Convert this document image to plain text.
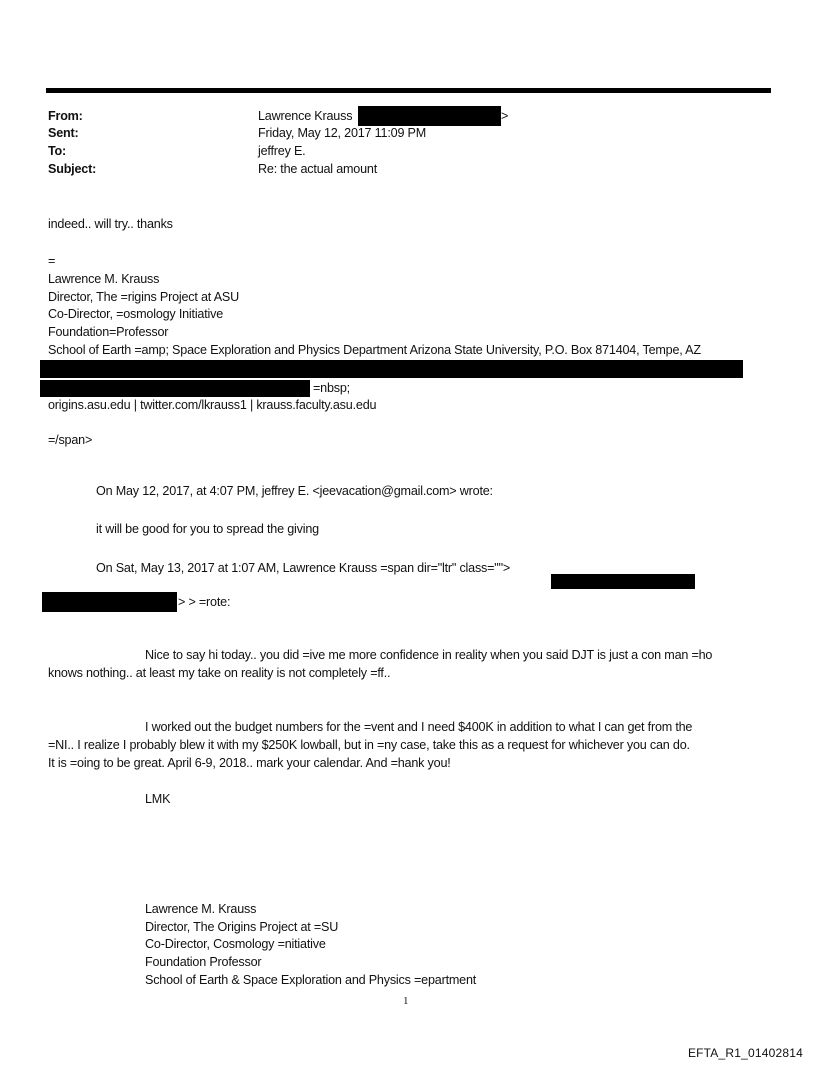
From:	Lawrence Krauss	>
Sent:	Friday, May 12, 2017 11:09 PM
To:	jeffrey E.
Subject:	Re: the actual amount
indeed.. will try.. thanks
=
Lawrence M. Krauss
Director, The =rigins Project at ASU
Co-Director, =osmology Initiative
Foundation=Professor
School of Earth =amp; Space Exploration and Physics Department Arizona State University, P.O. Box 871404, Tempe, AZ
=nbsp;
origins.asu.edu | twitter.com/lkrauss1 | krauss.faculty.asu.edu
=/span>
On May 12, 2017, at 4:07 PM, jeffrey E. <jeevacation@gmail.com> wrote:
it will be good for you to spread the giving
On Sat, May 13, 2017 at 1:07 AM, Lawrence Krauss =span dir="ltr" class="">
> > =rote:
Nice to say hi today.. you did =ive me more confidence in reality when you said DJT is just a con man =ho
knows nothing.. at least my take on reality is not completely =ff..
I worked out the budget numbers for the =vent and I need $400K in addition to what I can get from the
=NI.. I realize I probably blew it with my $250K lowball, but in =ny case, take this as a request for whichever you can do.
It is =oing to be great. April 6-9, 2018.. mark your calendar. And =hank you!
LMK
Lawrence M. Krauss
Director, The Origins Project at =SU
Co-Director, Cosmology =nitiative
Foundation Professor
School of Earth & Space Exploration and Physics =epartment
1
EFTA_R1_01402814
